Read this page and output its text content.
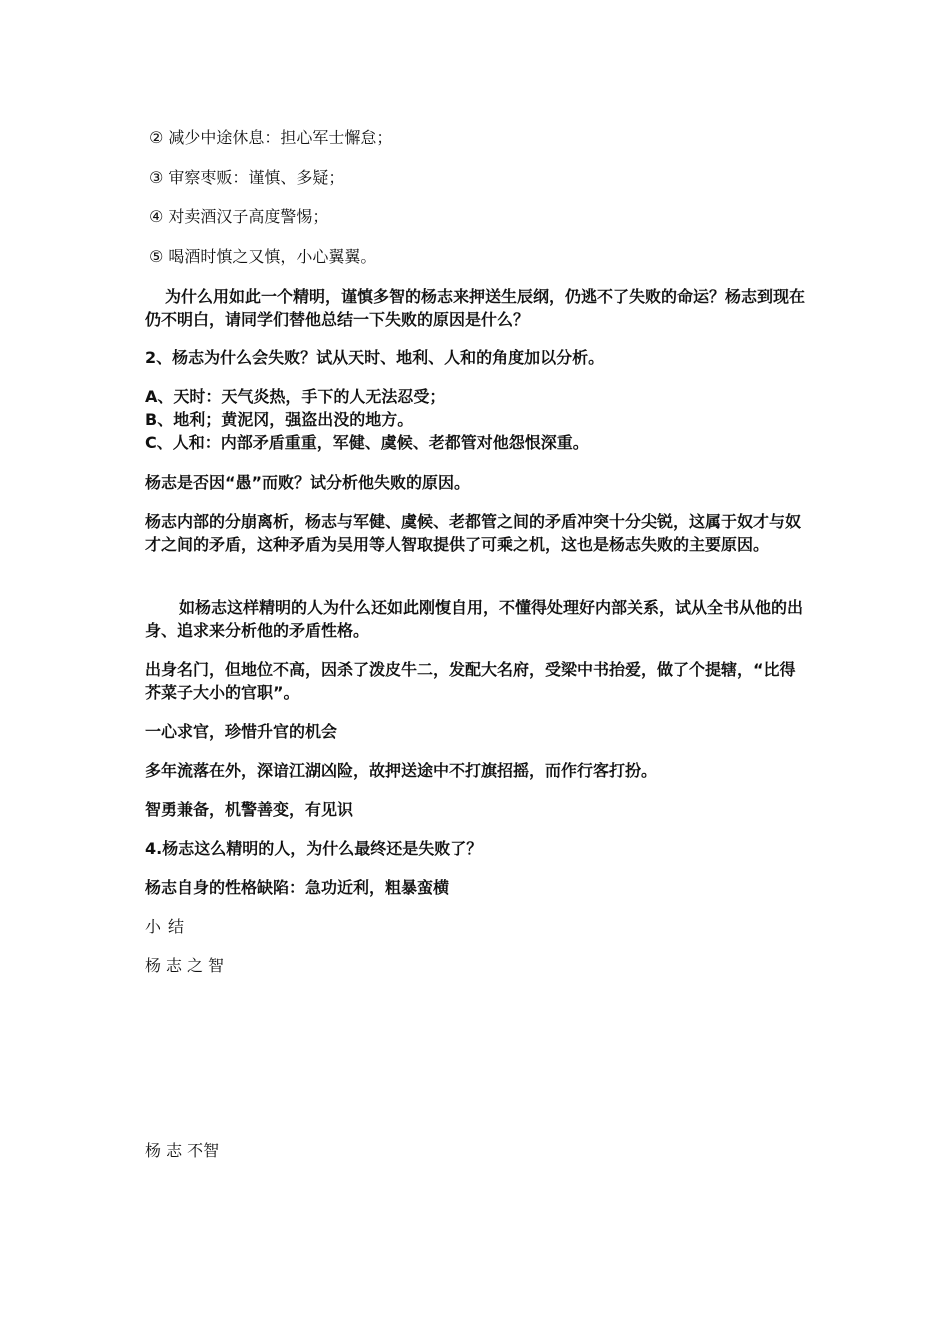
② 减少中途休息：担心军士懈怠；

③ 审察枣贩：谨慎、多疑；

④ 对卖酒汉子高度警惕；

⑤ 喝酒时慎之又慎，小心翼翼。

为什么用如此一个精明，谨慎多智的杨志来押送生辰纲，仍逃不了失败的命运？杨志到现在仍不明白，请同学们替他总结一下失败的原因是什么？

2、杨志为什么会失败？试从天时、地利、人和的角度加以分析。

A、天时：天气炎热，手下的人无法忍受；

B、地利；黄泥冈，强盗出没的地方。

C、人和：内部矛盾重重，军健、虞候、老都管对他怨恨深重。

杨志是否因“愚”而败？试分析他失败的原因。

杨志内部的分崩离析，杨志与军健、虞候、老都管之间的矛盾冲突十分尖锐，这属于奴才与奴才之间的矛盾，这种矛盾为吴用等人智取提供了可乘之机，这也是杨志失败的主要原因。

如杨志这样精明的人为什么还如此刚愎自用，不懂得处理好内部关系，试从全书从他的出身、追求来分析他的矛盾性格。

出身名门，但地位不高，因杀了泼皮牛二，发配大名府，受梁中书抬爱，做了个提辖，“比得芥菜子大小的官职”。

一心求官，珍惜升官的机会

多年流落在外，深谙江湖凶险，故押送途中不打旗招摇，而作行客打扮。

智勇兼备，机警善变，有见识

4.杨志这么精明的人，为什么最终还是失败了？

杨志自身的性格缺陷：急功近利，粗暴蛮横

小结

杨志之智

杨 志 不智
